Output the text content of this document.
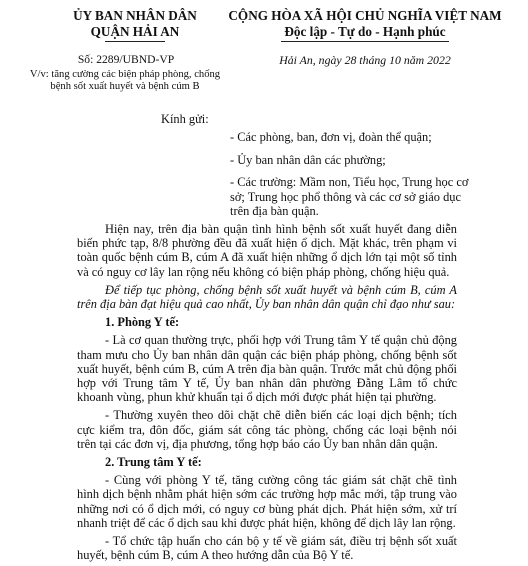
ỦY BAN NHÂN DÂN
QUẬN HẢI AN
CỘNG HÒA XÃ HỘI CHỦ NGHĨA VIỆT NAM
Độc lập - Tự do - Hạnh phúc
Số: 2289/UBND-VP
V/v: tăng cường các biện pháp phòng, chống bệnh sốt xuất huyết và bệnh cúm B
Hải An, ngày 28 tháng 10 năm 2022
Kính gửi:
- Các phòng, ban, đơn vị, đoàn thể quận;
- Ủy ban nhân dân các phường;
- Các trường: Mầm non, Tiểu học, Trung học cơ sở; Trung học phổ thông và các cơ sở giáo dục trên địa bàn quận.

Hiện nay, trên địa bàn quận tình hình bệnh sốt xuất huyết đang diễn biến phức tạp, 8/8 phường đều đã xuất hiện ổ dịch. Mặt khác, trên phạm vi toàn quốc bệnh cúm B, cúm A đã xuất hiện những ổ dịch lớn tại một số tỉnh và có nguy cơ lây lan rộng nếu không có biện pháp phòng, chống hiệu quả.

Để tiếp tục phòng, chống bệnh sốt xuất huyết và bệnh cúm B, cúm A trên địa bàn đạt hiệu quả cao nhất, Ủy ban nhân dân quận chỉ đạo như sau:

1. Phòng Y tế:

- Là cơ quan thường trực, phối hợp với Trung tâm Y tế quận chủ động tham mưu cho Ủy ban nhân dân quận các biện pháp phòng, chống bệnh sốt xuất huyết, bệnh cúm B, cúm A trên địa bàn quận. Trước mắt chủ động phối hợp với Trung tâm Y tế, Ủy ban nhân dân phường Đằng Lâm tổ chức khoanh vùng, phun khử khuẩn tại ổ dịch mới được phát hiện tại phường.

- Thường xuyên theo dõi chặt chẽ diễn biến các loại dịch bệnh; tích cực kiểm tra, đôn đốc, giám sát công tác phòng, chống các loại bệnh nói trên tại các đơn vị, địa phương, tổng hợp báo cáo Ủy ban nhân dân quận.

2. Trung tâm Y tế:

- Cùng với phòng Y tế, tăng cường công tác giám sát chặt chẽ tình hình dịch bệnh nhằm phát hiện sớm các trường hợp mắc mới, tập trung vào những nơi có ổ dịch mới, có nguy cơ bùng phát dịch. Phát hiện sớm, xử trí nhanh triệt để các ổ dịch sau khi được phát hiện, không để dịch lây lan rộng.

- Tổ chức tập huấn cho cán bộ y tế về giám sát, điều trị bệnh sốt xuất huyết, bệnh cúm B, cúm A theo hướng dẫn của Bộ Y tế.
